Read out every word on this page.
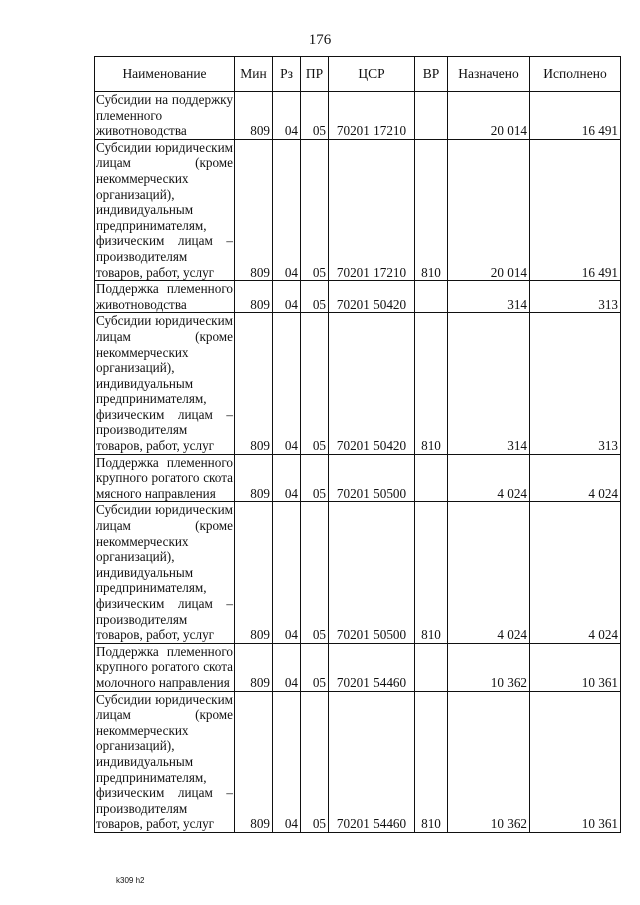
176
Наименование	Мин	Рз	ПР	ЦСР	ВР	Назначено	Исполнено
Субсидии на поддержку племенного животноводства	809	04	05	70201 17210		20 014	16 491
Субсидии юридическим лицам (кроме некоммерческих организаций), индивидуальным предпринимателям, физическим лицам – производителям товаров, работ, услуг	809	04	05	70201 17210	810	20 014	16 491
Поддержка племенного животноводства	809	04	05	70201 50420		314	313
Субсидии юридическим лицам (кроме некоммерческих организаций), индивидуальным предпринимателям, физическим лицам – производителям товаров, работ, услуг	809	04	05	70201 50420	810	314	313
Поддержка племенного крупного рогатого скота мясного направления	809	04	05	70201 50500		4 024	4 024
Субсидии юридическим лицам (кроме некоммерческих организаций), индивидуальным предпринимателям, физическим лицам – производителям товаров, работ, услуг	809	04	05	70201 50500	810	4 024	4 024
Поддержка племенного крупного рогатого скота молочного направления	809	04	05	70201 54460		10 362	10 361
Субсидии юридическим лицам (кроме некоммерческих организаций), индивидуальным предпринимателям, физическим лицам – производителям товаров, работ, услуг	809	04	05	70201 54460	810	10 362	10 361
k309 h2
